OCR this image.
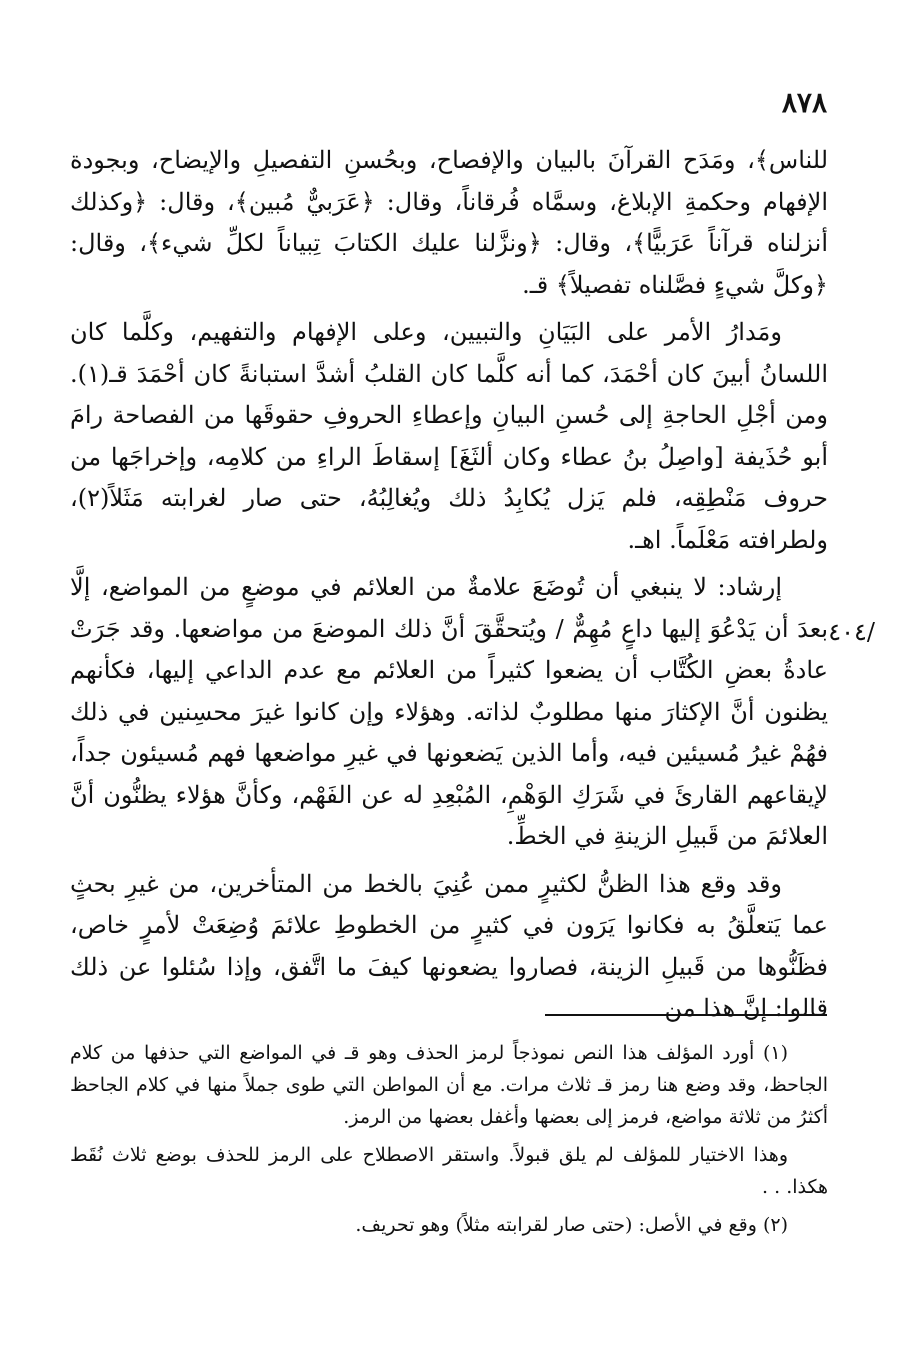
٨٧٨

للناس﴾، ومَدَح القرآنَ بالبيان والإفصاح، وبحُسنِ التفصيلِ والإيضاح، وبجودة الإفهام وحكمةِ الإبلاغ، وسمَّاه فُرقاناً، وقال: ﴿عَرَبيٌّ مُبين﴾، وقال: ﴿وكذلك أنزلناه قرآناً عَرَبيًّا﴾، وقال: ﴿ونزَّلنا عليك الكتابَ تِبياناً لكلِّ شيء﴾، وقال: ﴿وكلَّ شيءٍ فصَّلناه تفصيلاً﴾ قـ.

ومَدارُ الأمر على البَيَانِ والتبيين، وعلى الإفهام والتفهيم، وكلَّما كان اللسانُ أبينَ كان أحْمَدَ، كما أنه كلَّما كان القلبُ أشدَّ استبانةً كان أحْمَدَ قـ(١). ومن أجْلِ الحاجةِ إلى حُسنِ البيانِ وإعطاءِ الحروفِ حقوقَها من الفصاحة رامَ أبو حُذَيفة [واصِلُ بنُ عطاء وكان ألثَغَ] إسقاطَ الراءِ من كلامِه، وإخراجَها من حروف مَنْطِقِه، فلم يَزل يُكابِدُ ذلك ويُغالِبُهُ، حتى صار لغرابته مَثَلاً(٢)، ولطرافته مَعْلَماً. اهـ.

إرشاد: لا ينبغي أن تُوضَعَ علامةٌ من العلائم في موضعٍ من المواضع، إلَّا بعدَ أن يَدْعُوَ إليها داعٍ مُهِمٌّ / ويُتحقَّقَ أنَّ ذلك الموضعَ من مواضعها. وقد جَرَتْ عادةُ بعضِ الكُتَّاب أن يضعوا كثيراً من العلائم مع عدم الداعي إليها، فكأنهم يظنون أنَّ الإكثارَ منها مطلوبٌ لذاته. وهؤلاء وإن كانوا غيرَ محسِنين في ذلك فهُمْ غيرُ مُسيئين فيه، وأما الذين يَضعونها في غيرِ مواضعها فهم مُسيئون جداً، لإيقاعهم القارئَ في شَرَكِ الوَهْمِ، المُبْعِدِ له عن الفَهْم، وكأنَّ هؤلاء يظنُّون أنَّ العلائمَ من قَبيلِ الزينةِ في الخطِّ.

وقد وقع هذا الظنُّ لكثيرٍ ممن عُنِيَ بالخط من المتأخرين، من غيرِ بحثٍ عما يَتعلَّقُ به فكانوا يَرَون في كثيرٍ من الخطوطِ علائمَ وُضِعَتْ لأمرٍ خاص، فظَنُّوها من قَبيلِ الزينة، فصاروا يضعونها كيفَ ما اتَّفق، وإذا سُئلوا عن ذلك قالوا: إنَّ هذا من

/٤٠٤

(١) أورد المؤلف هذا النص نموذجاً لرمز الحذف وهو قـ في المواضع التي حذفها من كلام الجاحظ، وقد وضع هنا رمز قـ ثلاث مرات. مع أن المواطن التي طوى جملاً منها في كلام الجاحظ أكثرُ من ثلاثة مواضع، فرمز إلى بعضها وأغفل بعضها من الرمز.

وهذا الاختيار للمؤلف لم يلق قبولاً. واستقر الاصطلاح على الرمز للحذف بوضع ثلاث نُقَط هكذا. . .

(٢) وقع في الأصل: (حتى صار لقرابته مثلاً) وهو تحريف.
